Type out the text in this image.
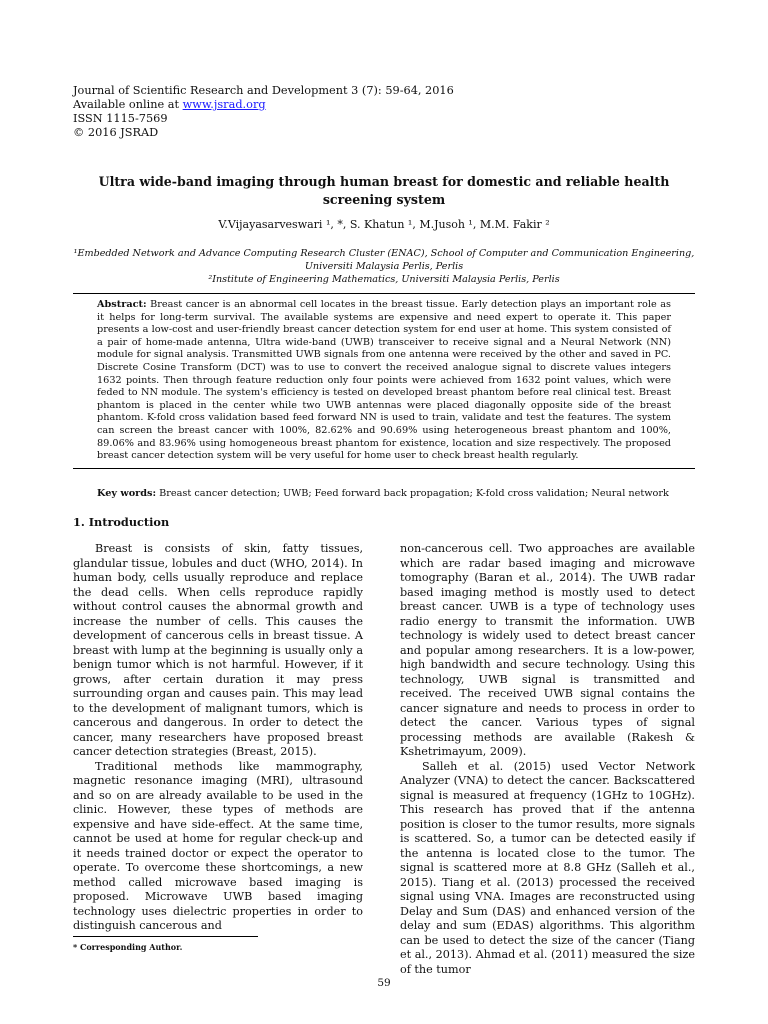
Journal of Scientific Research and Development 3 (7): 59-64, 2016
Available online at www.jsrad.org
ISSN 1115-7569
© 2016 JSRAD
Ultra wide-band imaging through human breast for domestic and reliable health screening system
V.Vijayasarveswari ¹, *, S. Khatun ¹, M.Jusoh ¹, M.M. Fakir ²
¹Embedded Network and Advance Computing Research Cluster (ENAC), School of Computer and Communication Engineering, Universiti Malaysia Perlis, Perlis
²Institute of Engineering Mathematics, Universiti Malaysia Perlis, Perlis
Abstract: Breast cancer is an abnormal cell locates in the breast tissue. Early detection plays an important role as it helps for long-term survival. The available systems are expensive and need expert to operate it. This paper presents a low-cost and user-friendly breast cancer detection system for end user at home. This system consisted of a pair of home-made antenna, Ultra wide-band (UWB) transceiver to receive signal and a Neural Network (NN) module for signal analysis. Transmitted UWB signals from one antenna were received by the other and saved in PC. Discrete Cosine Transform (DCT) was to use to convert the received analogue signal to discrete values integers 1632 points. Then through feature reduction only four points were achieved from 1632 point values, which were feded to NN module. The system's efficiency is tested on developed breast phantom before real clinical test. Breast phantom is placed in the center while two UWB antennas were placed diagonally opposite side of the breast phantom. K-fold cross validation based feed forward NN is used to train, validate and test the features. The system can screen the breast cancer with 100%, 82.62% and 90.69% using heterogeneous breast phantom and 100%, 89.06% and 83.96% using homogeneous breast phantom for existence, location and size respectively. The proposed breast cancer detection system will be very useful for home user to check breast health regularly.
Key words: Breast cancer detection; UWB; Feed forward back propagation; K-fold cross validation; Neural network
1. Introduction

Breast is consists of skin, fatty tissues, glandular tissue, lobules and duct (WHO, 2014). In human body, cells usually reproduce and replace the dead cells. When cells reproduce rapidly without control causes the abnormal growth and increase the number of cells. This causes the development of cancerous cells in breast tissue. A breast with lump at the beginning is usually only a benign tumor which is not harmful. However, if it grows, after certain duration it may press surrounding organ and causes pain. This may lead to the development of malignant tumors, which is cancerous and dangerous. In order to detect the cancer, many researchers have proposed breast cancer detection strategies (Breast, 2015).

Traditional methods like mammography, magnetic resonance imaging (MRI), ultrasound and so on are already available to be used in the clinic. However, these types of methods are expensive and have side-effect. At the same time, cannot be used at home for regular check-up and it needs trained doctor or expect the operator to operate. To overcome these shortcomings, a new method called microwave based imaging is proposed. Microwave UWB based imaging technology uses dielectric properties in order to distinguish cancerous and

non-cancerous cell. Two approaches are available which are radar based imaging and microwave tomography (Baran et al., 2014). The UWB radar based imaging method is mostly used to detect breast cancer. UWB is a type of technology uses radio energy to transmit the information. UWB technology is widely used to detect breast cancer and popular among researchers. It is a low-power, high bandwidth and secure technology. Using this technology, UWB signal is transmitted and received. The received UWB signal contains the cancer signature and needs to process in order to detect the cancer. Various types of signal processing methods are available (Rakesh & Kshetrimayum, 2009).

Salleh et al. (2015) used Vector Network Analyzer (VNA) to detect the cancer. Backscattered signal is measured at frequency (1GHz to 10GHz). This research has proved that if the antenna position is closer to the tumor results, more signals is scattered. So, a tumor can be detected easily if the antenna is located close to the tumor. The signal is scattered more at 8.8 GHz (Salleh et al., 2015). Tiang et al. (2013) processed the received signal using VNA. Images are reconstructed using Delay and Sum (DAS) and enhanced version of the delay and sum (EDAS) algorithms. This algorithm can be used to detect the size of the cancer (Tiang et al., 2013). Ahmad et al. (2011) measured the size of the tumor

* Corresponding Author.
59
